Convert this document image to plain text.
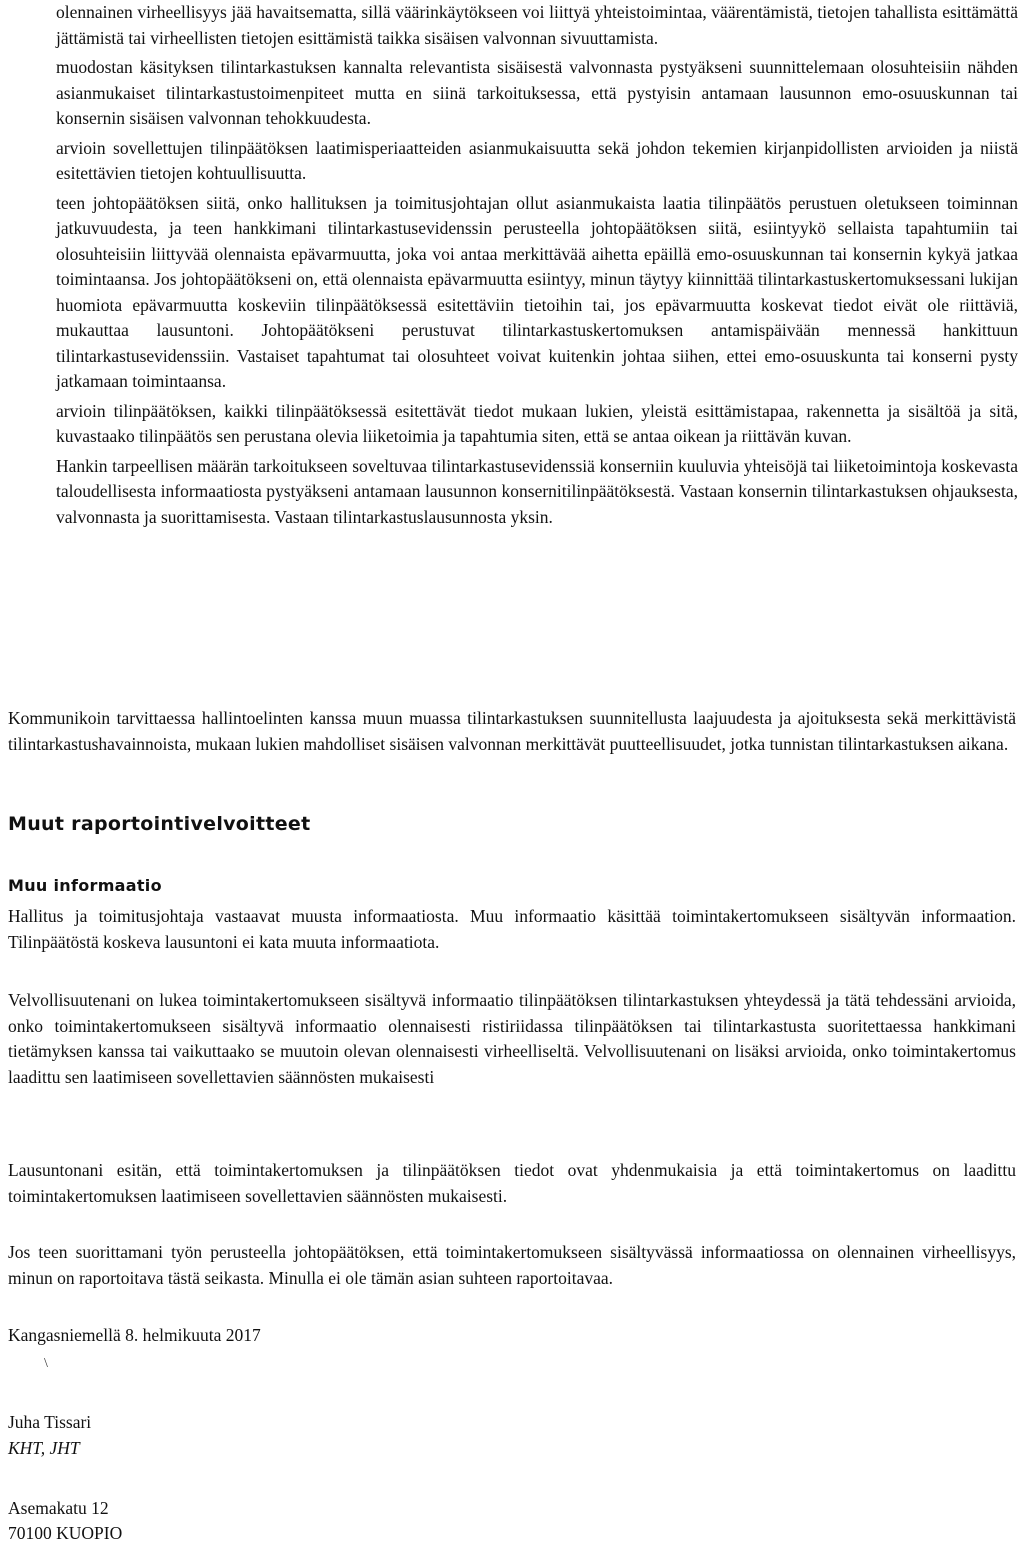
olennainen virheellisyys jää havaitsematta, sillä väärinkäytökseen voi liittyä yhteistoimintaa, väärentämistä, tietojen tahallista esittämättä jättämistä tai virheellisten tietojen esittämistä taikka sisäisen valvonnan sivuuttamista.

muodostan käsityksen tilintarkastuksen kannalta relevantista sisäisestä valvonnasta pystyäkseni suunnittelemaan olosuhteisiin nähden asianmukaiset tilintarkastustoimenpiteet mutta en siinä tarkoituksessa, että pystyisin antamaan lausunnon emo-osuuskunnan tai konsernin sisäisen valvonnan tehokkuudesta.

arvioin sovellettujen tilinpäätöksen laatimisperiaatteiden asianmukaisuutta sekä johdon tekemien kirjanpidollisten arvioiden ja niistä esitettävien tietojen kohtuullisuutta.

teen johtopäätöksen siitä, onko hallituksen ja toimitusjohtajan ollut asianmukaista laatia tilinpäätös perustuen oletukseen toiminnan jatkuvuudesta, ja teen hankkimani tilintarkastusevidenssin perusteella johtopäätöksen siitä, esiintyykö sellaista tapahtumiin tai olosuhteisiin liittyvää olennaista epävarmuutta, joka voi antaa merkittävää aihetta epäillä emo-osuuskunnan tai konsernin kykyä jatkaa toimintaansa. Jos johtopäätökseni on, että olennaista epävarmuutta esiintyy, minun täytyy kiinnittää tilintarkastuskertomuksessani lukijan huomiota epävarmuutta koskeviin tilinpäätöksessä esitettäviin tietoihin tai, jos epävarmuutta koskevat tiedot eivät ole riittäviä, mukauttaa lausuntoni. Johtopäätökseni perustuvat tilintarkastuskertomuksen antamispäivään mennessä hankittuun tilintarkastusevidenssiin. Vastaiset tapahtumat tai olosuhteet voivat kuitenkin johtaa siihen, ettei emo-osuuskunta tai konserni pysty jatkamaan toimintaansa.

arvioin tilinpäätöksen, kaikki tilinpäätöksessä esitettävät tiedot mukaan lukien, yleistä esittämistapaa, rakennetta ja sisältöä ja sitä, kuvastaako tilinpäätös sen perustana olevia liiketoimia ja tapahtumia siten, että se antaa oikean ja riittävän kuvan.

Hankin tarpeellisen määrän tarkoitukseen soveltuvaa tilintarkastusevidenssiä konserniin kuuluvia yhteisöjä tai liiketoimintoja koskevasta taloudellisesta informaatiosta pystyäkseni antamaan lausunnon konsernitilinpäätöksestä. Vastaan konsernin tilintarkastuksen ohjauksesta, valvonnasta ja suorittamisesta. Vastaan tilintarkastuslausunnosta yksin.

Kommunikoin tarvittaessa hallintoelinten kanssa muun muassa tilintarkastuksen suunnitellusta laajuudesta ja ajoituksesta sekä merkittävistä tilintarkastushavainnoista, mukaan lukien mahdolliset sisäisen valvonnan merkittävät puutteellisuudet, jotka tunnistan tilintarkastuksen aikana.

Muut raportointivelvoitteet
Muu informaatio

Hallitus ja toimitusjohtaja vastaavat muusta informaatiosta. Muu informaatio käsittää toimintakertomukseen sisältyvän informaation. Tilinpäätöstä koskeva lausuntoni ei kata muuta informaatiota.

Velvollisuutenani on lukea toimintakertomukseen sisältyvä informaatio tilinpäätöksen tilintarkastuksen yhteydessä ja tätä tehdessäni arvioida, onko toimintakertomukseen sisältyvä informaatio olennaisesti ristiriidassa tilinpäätöksen tai tilintarkastusta suoritettaessa hankkimani tietämyksen kanssa tai vaikuttaako se muutoin olevan olennaisesti virheelliseltä. Velvollisuutenani on lisäksi arvioida, onko toimintakertomus laadittu sen laatimiseen sovellettavien säännösten mukaisesti

Lausuntonani esitän, että toimintakertomuksen ja tilinpäätöksen tiedot ovat yhdenmukaisia ja että toimintakertomus on laadittu toimintakertomuksen laatimiseen sovellettavien säännösten mukaisesti.

Jos teen suorittamani työn perusteella johtopäätöksen, että toimintakertomukseen sisältyvässä informaatiossa on olennainen virheellisyys, minun on raportoitava tästä seikasta. Minulla ei ole tämän asian suhteen raportoitavaa.

Kangasniemellä 8. helmikuuta 2017

\

Juha Tissari

KHT, JHT

Asemakatu 12

70100 KUOPIO
